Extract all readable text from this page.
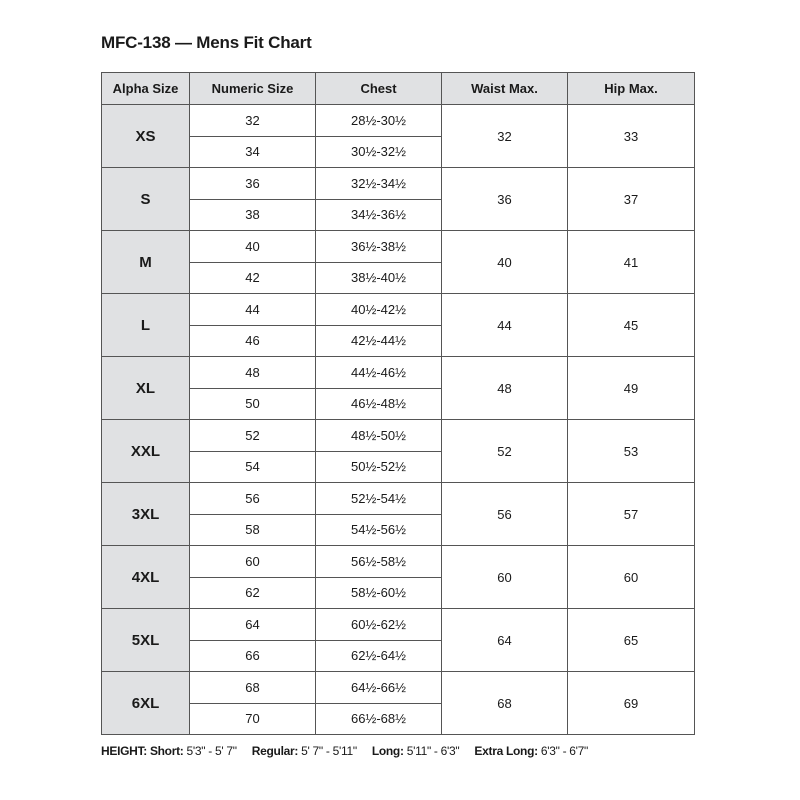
MFC-138 — Mens Fit Chart
Alpha Size	Numeric Size	Chest	Waist Max.	Hip Max.
XS	32	28½-30½	32	33
	34	30½-32½		
S	36	32½-34½	36	37
	38	34½-36½		
M	40	36½-38½	40	41
	42	38½-40½		
L	44	40½-42½	44	45
	46	42½-44½		
XL	48	44½-46½	48	49
	50	46½-48½		
XXL	52	48½-50½	52	53
	54	50½-52½		
3XL	56	52½-54½	56	57
	58	54½-56½		
4XL	60	56½-58½	60	60
	62	58½-60½		
5XL	64	60½-62½	64	65
	66	62½-64½		
6XL	68	64½-66½	68	69
	70	66½-68½		
HEIGHT: Short: 5'3" - 5' 7" Regular: 5' 7" - 5'11" Long: 5'11" - 6'3" Extra Long: 6'3" - 6'7"
